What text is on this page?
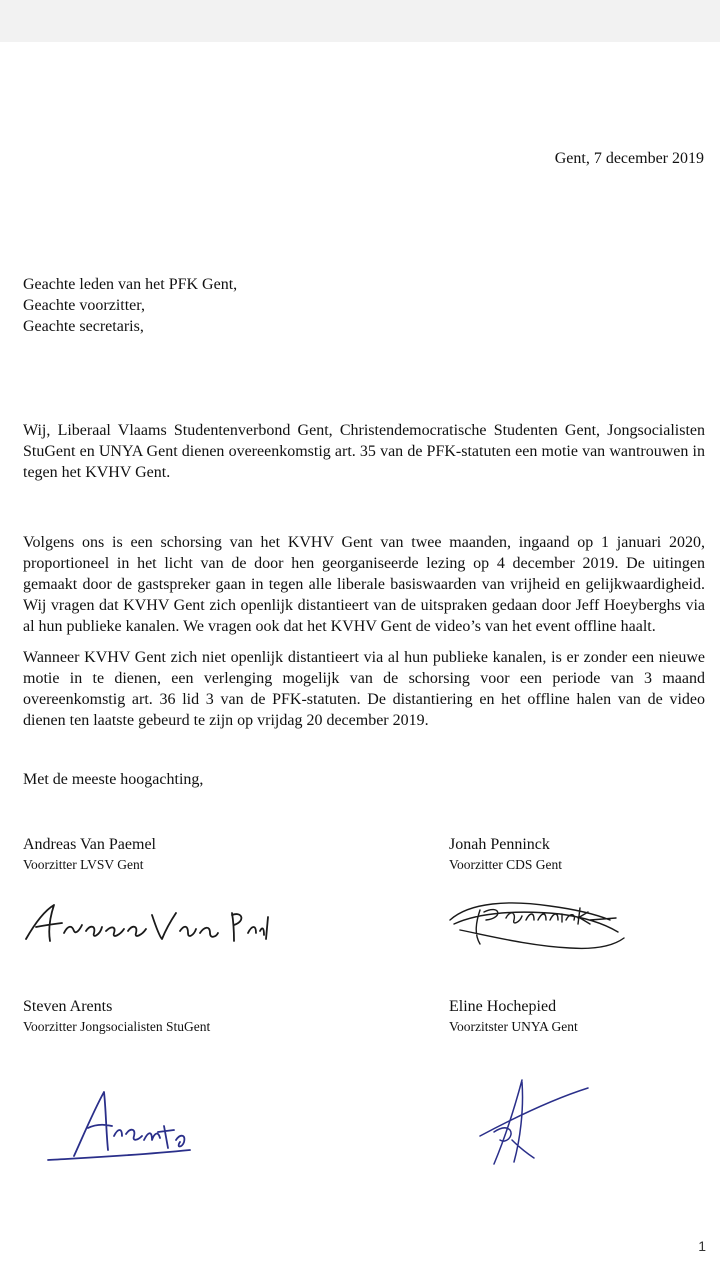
Gent, 7 december 2019
Geachte leden van het PFK Gent,
Geachte voorzitter,
Geachte secretaris,

Wij, Liberaal Vlaams Studentenverbond Gent, Christendemocratische Studenten Gent, Jongsocialisten StuGent en UNYA Gent dienen overeenkomstig art. 35 van de PFK-statuten een motie van wantrouwen in tegen het KVHV Gent.

Volgens ons is een schorsing van het KVHV Gent van twee maanden, ingaand op 1 januari 2020, proportioneel in het licht van de door hen georganiseerde lezing op 4 december 2019. De uitingen gemaakt door de gastspreker gaan in tegen alle liberale basiswaarden van vrijheid en gelijkwaardigheid. Wij vragen dat KVHV Gent zich openlijk distantieert van de uitspraken gedaan door Jeff Hoeyberghs via al hun publieke kanalen. We vragen ook dat het KVHV Gent de video’s van het event offline haalt.

Wanneer KVHV Gent zich niet openlijk distantieert via al hun publieke kanalen, is er zonder een nieuwe motie in te dienen, een verlenging mogelijk van de schorsing voor een periode van 3 maand overeenkomstig art. 36 lid 3 van de PFK-statuten. De distantiering en het offline halen van de video dienen ten laatste gebeurd te zijn op vrijdag 20 december 2019.

Met de meeste hoogachting,
Andreas Van Paemel
Voorzitter LVSV Gent
Jonah Penninck
Voorzitter CDS Gent
Steven Arents
Voorzitter Jongsocialisten StuGent
Eline Hochepied
Voorzitster UNYA Gent
1
